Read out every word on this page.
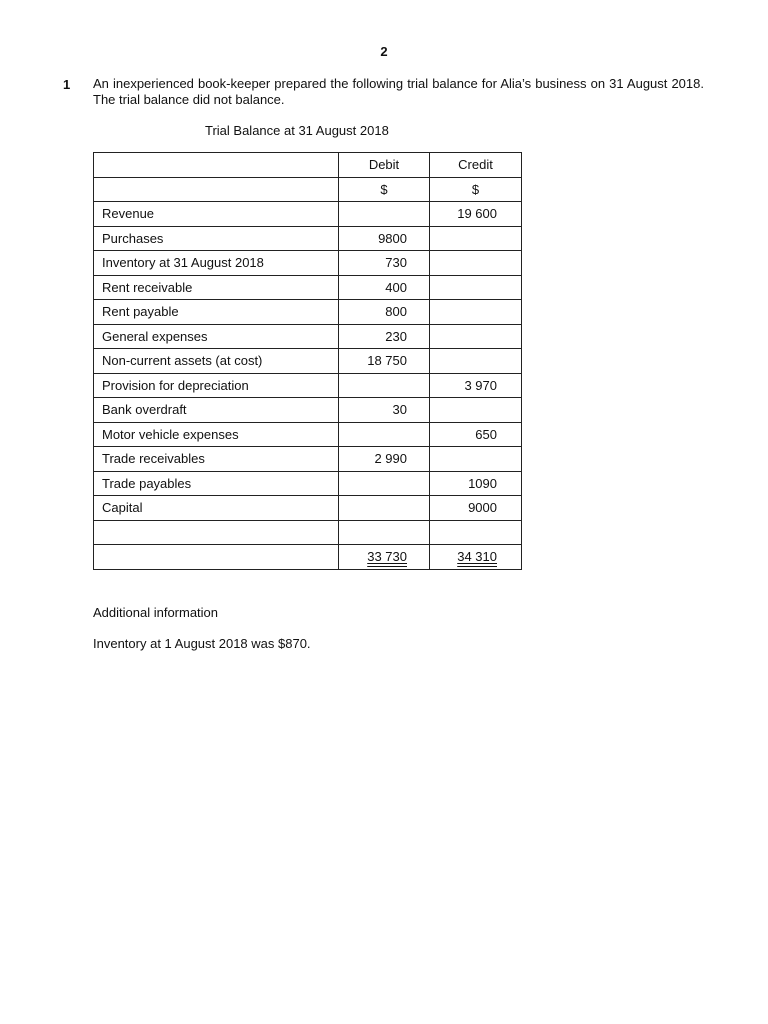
2
1 An inexperienced book-keeper prepared the following trial balance for Alia’s business on 31 August 2018. The trial balance did not balance.
Trial Balance at 31 August 2018
	Debit	Credit
	$	$
Revenue		19 600
Purchases	9800	
Inventory at 31 August 2018	730	
Rent receivable	400	
Rent payable	800	
General expenses	230	
Non-current assets (at cost)	18 750	
Provision for depreciation		3 970
Bank overdraft	30	
Motor vehicle expenses		650
Trade receivables	2 990	
Trade payables		1090
Capital		9000

	33 730	34 310
Additional information
Inventory at 1 August 2018 was $870.
